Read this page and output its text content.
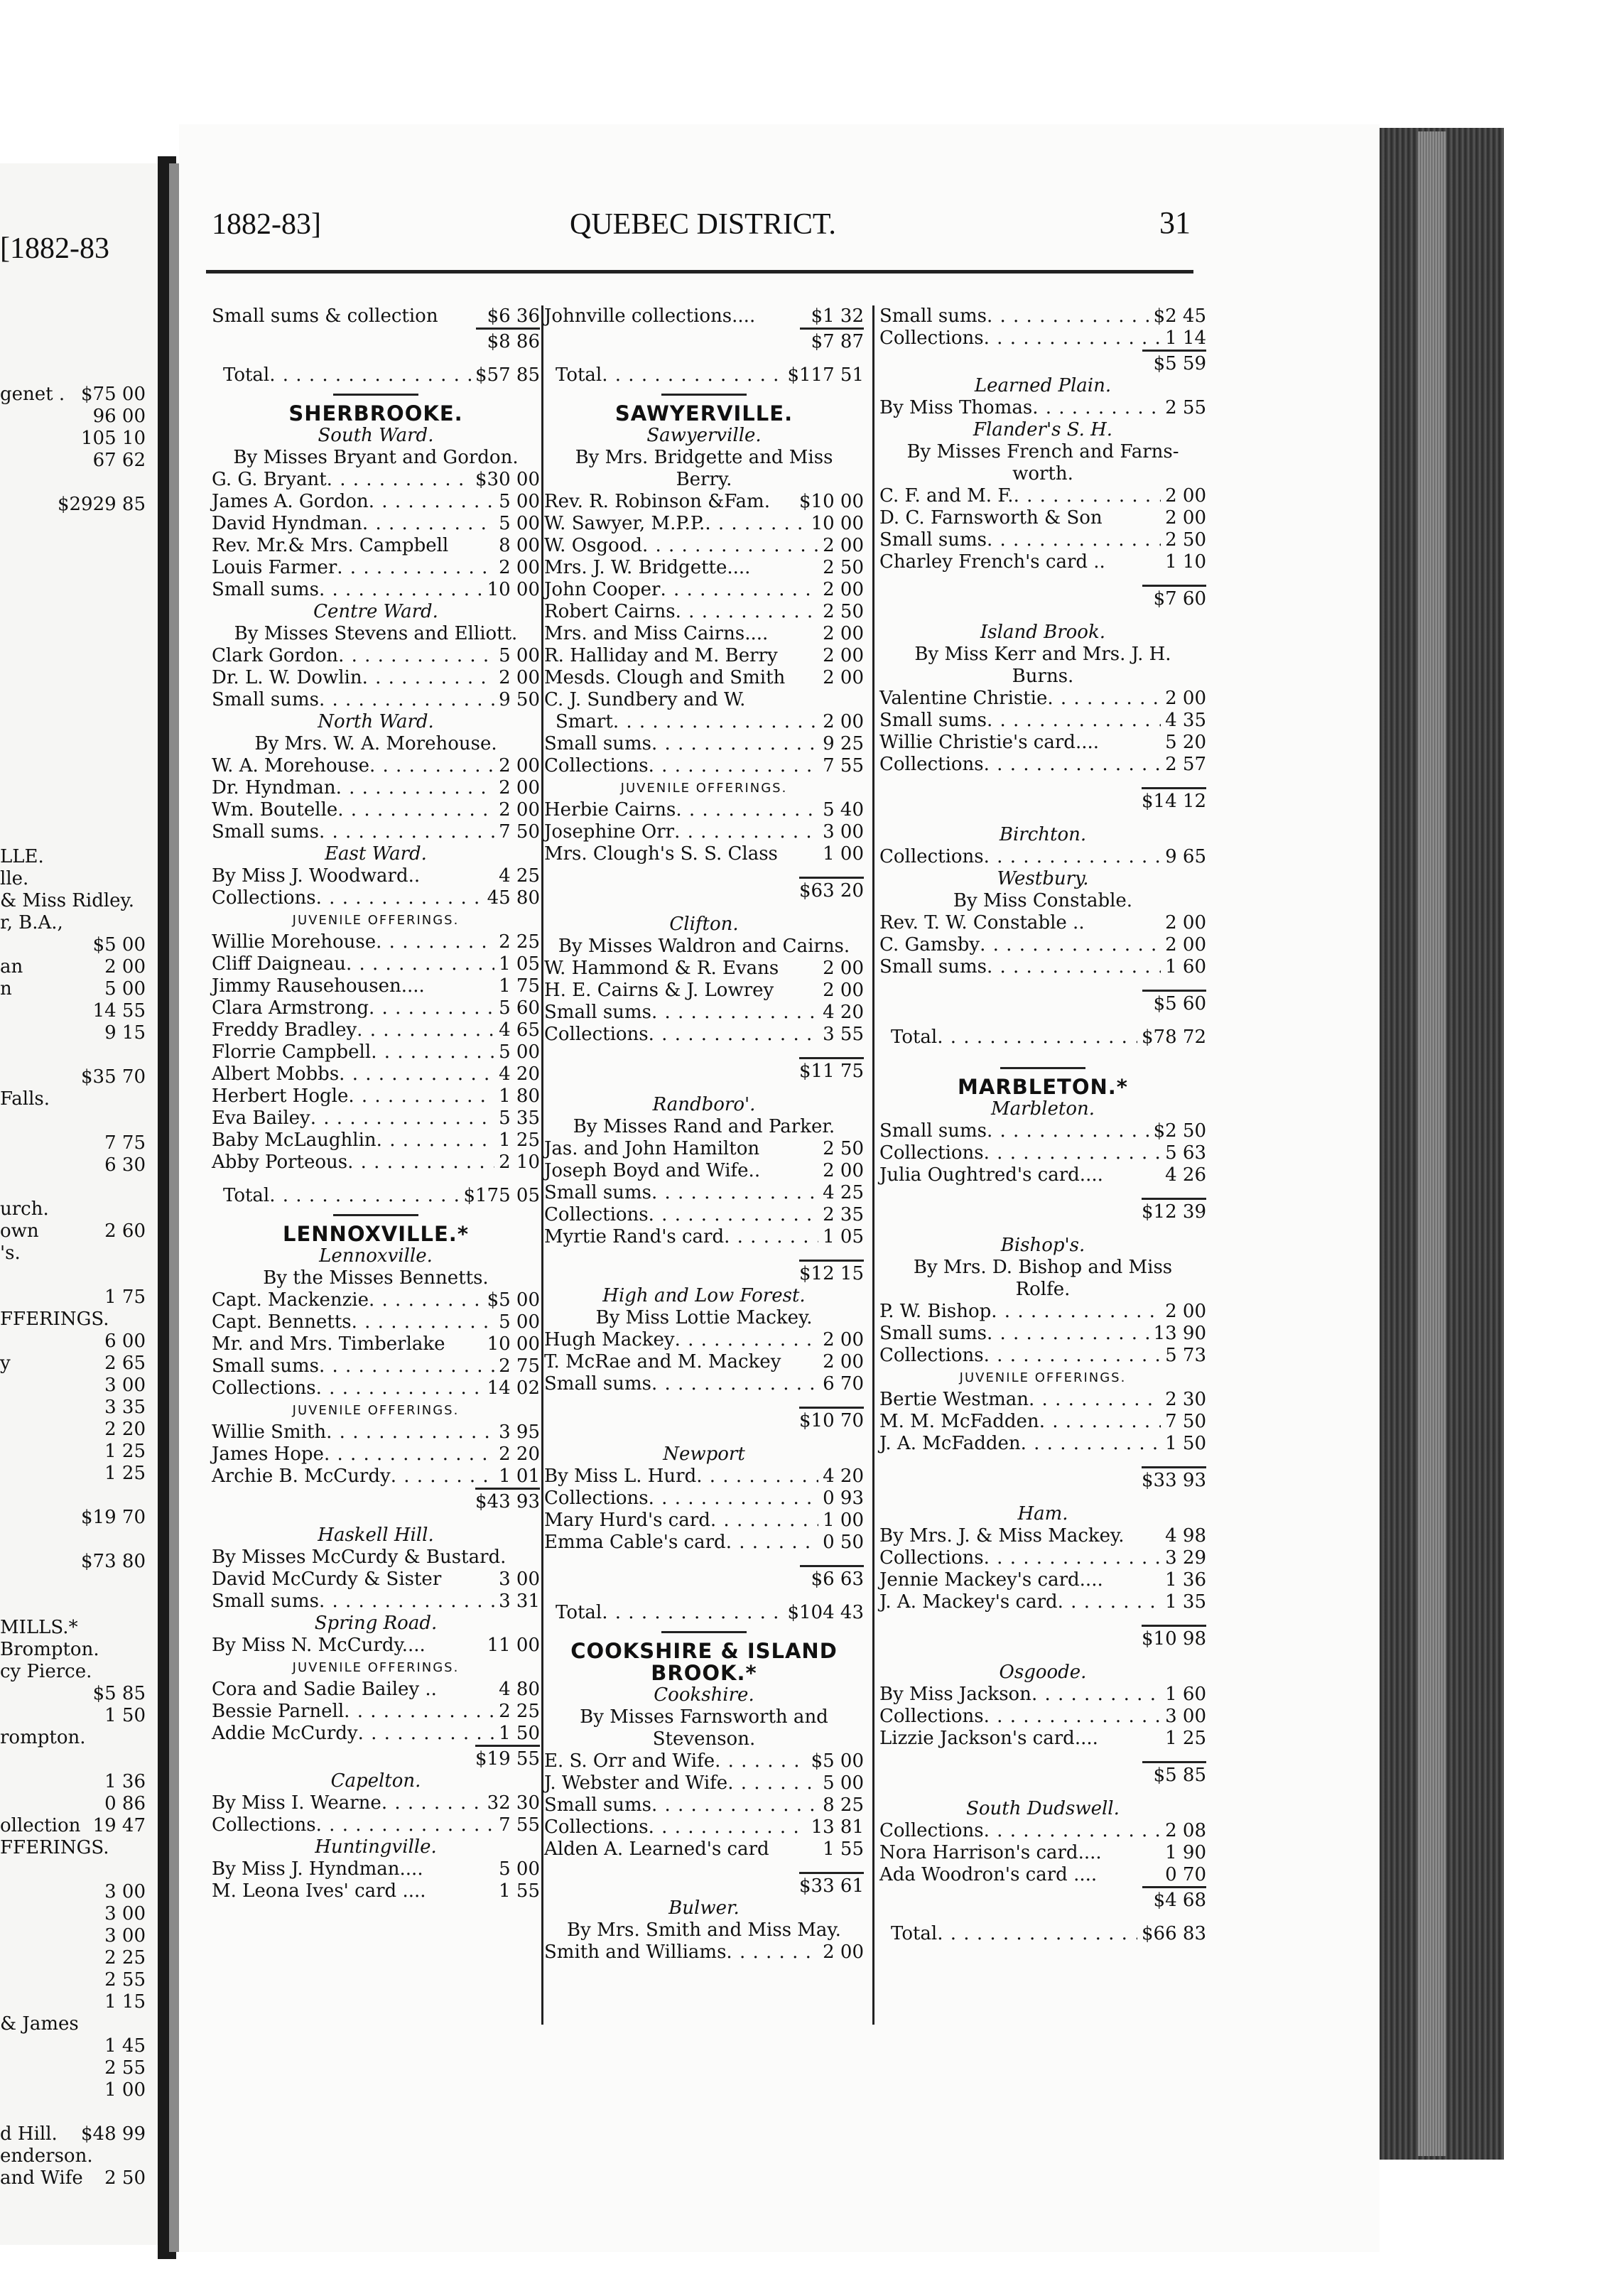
[1882-83
genet . $75 00
96 00
105 10
67 62
$2929 85
LLE.
lle.
& Miss Ridley.
r, B.A.,
$5 00
an	2 00
n	5 00
14 55
9 15
$35 70
Falls.
7 75
6 30
urch.
own	2 60
's.
1 75
FFERINGS.
6 00
y	2 65
3 00
3 35
2 20
1 25
1 25
$19 70
$73 80
MILLS.*
Brompton.
cy Pierce.
$5 85
1 50
rompton.
1 36
0 86
ollection 19 47
FFERINGS.
3 00
3 00
3 00
2 25
2 55
1 15
& James
1 45
2 55
1 00
d Hill. $48 99
enderson.
and Wife 2 50
1882-83]	QUEBEC DISTRICT.	31
Small sums & collection	$6 36
$8 86
Total . . .	$57 85
SHERBROOKE.
South Ward.
By Misses Bryant and Gordon.
G. G. Bryant . . .	$30 00
James A. Gordon . . .	5 00
David Hyndman . . .	5 00
Rev. Mr.& Mrs. Campbell	8 00
Louis Farmer . . .	2 00
Small sums . . .	10 00
Centre Ward.
By Misses Stevens and Elliott.
Clark Gordon . . .	5 00
Dr. L. W. Dowlin . . .	2 00
Small sums . . .	9 50
North Ward.
By Mrs. W. A. Morehouse.
W. A. Morehouse . . .	2 00
Dr. Hyndman . . .	2 00
Wm. Boutelle . . .	2 00
Small sums . . .	7 50
East Ward.
By Miss J. Woodward..	4 25
Collections . . .	45 80
JUVENILE OFFERINGS.
Willie Morehouse . . .	2 25
Cliff Daigneau . . .	1 05
Jimmy Rausehousen....	1 75
Clara Armstrong . . .	5 60
Freddy Bradley . . .	4 65
Florrie Campbell . . .	5 00
Albert Mobbs . . .	4 20
Herbert Hogle . . .	1 80
Eva Bailey . . .	5 35
Baby McLaughlin . . .	1 25
Abby Porteous . . .	2 10
Total . . .	$175 05
LENNOXVILLE.*
Lennoxville.
By the Misses Bennetts.
Capt. Mackenzie . . .	$5 00
Capt. Bennetts . . .	5 00
Mr. and Mrs. Timberlake 10 00
Small sums . . .	2 75
Collections . . .	14 02
JUVENILE OFFERINGS.
Willie Smith . . .	3 95
James Hope . . .	2 20
Archie B. McCurdy . . .	1 01
$43 93
Haskell Hill.
By Misses McCurdy & Bustard.
David McCurdy & Sister	3 00
Small sums . . .	3 31
Spring Road.
By Miss N. McCurdy....	11 00
JUVENILE OFFERINGS.
Cora and Sadie Bailey ..	4 80
Bessie Parnell . . .	2 25
Addie McCurdy . . .	1 50
$19 55
Capelton.
By Miss I. Wearne . . .	32 30
Collections . . .	7 55
Huntingville.
By Miss J. Hyndman....	5 00
M. Leona Ives' card ....	1 55
Johnville collections....	$1 32
$7 87
Total . . .	$117 51
SAWYERVILLE.
Sawyerville.
By Mrs. Bridgette and Miss
Berry.
Rev. R. Robinson &Fam. $10 00
W. Sawyer, M.P.P. . . .	10 00
W. Osgood . . .	2 00
Mrs. J. W. Bridgette....	2 50
John Cooper . . .	2 00
Robert Cairns . . .	2 50
Mrs. and Miss Cairns....	2 00
R. Halliday and M. Berry 2 00
Mesds. Clough and Smith 2 00
C. J. Sundbery and W.
Smart . . .	2 00
Small sums . . .	9 25
Collections . . .	7 55
JUVENILE OFFERINGS.
Herbie Cairns . . .	5 40
Josephine Orr . . .	3 00
Mrs. Clough's S. S. Class 1 00
$63 20
Clifton.
By Misses Waldron and Cairns.
W. Hammond & R. Evans 2 00
H. E. Cairns & J. Lowrey	2 00
Small sums . . .	4 20
Collections . . .	3 55
$11 75
Randboro'.
By Misses Rand and Parker.
Jas. and John Hamilton	2 50
Joseph Boyd and Wife..	2 00
Small sums . . .	4 25
Collections . . .	2 35
Myrtie Rand's card . . .	1 05
$12 15
High and Low Forest.
By Miss Lottie Mackey.
Hugh Mackey . . .	2 00
T. McRae and M. Mackey 2 00
Small sums . . .	6 70
$10 70
Newport
By Miss L. Hurd . . .	4 20
Collections . . .	0 93
Mary Hurd's card . . .	1 00
Emma Cable's card . . .	0 50
$6 63
Total . . .	$104 43
COOKSHIRE & ISLAND
BROOK.*
Cookshire.
By Misses Farnsworth and
Stevenson.
E. S. Orr and Wife . . .	$5 00
J. Webster and Wife . . .	5 00
Small sums . . .	8 25
Collections . . .	13 81
Alden A. Learned's card	1 55
$33 61
Bulwer.
By Mrs. Smith and Miss May.
Smith and Williams . . .	2 00
Small sums . . .	$2 45
Collections . . .	1 14
$5 59
Learned Plain.
By Miss Thomas . . .	2 55
Flander's S. H.
By Misses French and Farns-
worth.
C. F. and M. F. . . .	2 00
D. C. Farnsworth & Son	2 00
Small sums . . .	2 50
Charley French's card ..	1 10
$7 60
Island Brook.
By Miss Kerr and Mrs. J. H.
Burns.
Valentine Christie . . .	2 00
Small sums . . .	4 35
Willie Christie's card....	5 20
Collections . . .	2 57
$14 12
Birchton.
Collections . . .	9 65
Westbury.
By Miss Constable.
Rev. T. W. Constable ..	2 00
C. Gamsby . . .	2 00
Small sums . . .	1 60
$5 60
Total . . .	$78 72
MARBLETON.*
Marbleton.
Small sums . . .	$2 50
Collections . . .	5 63
Julia Oughtred's card....	4 26
$12 39
Bishop's.
By Mrs. D. Bishop and Miss
Rolfe.
P. W. Bishop . . .	2 00
Small sums . . .	13 90
Collections . . .	5 73
JUVENILE OFFERINGS.
Bertie Westman . . .	2 30
M. M. McFadden . . .	7 50
J. A. McFadden . . .	1 50
$33 93
Ham.
By Mrs. J. & Miss Mackey. 4 98
Collections . . .	3 29
Jennie Mackey's card....	1 36
J. A. Mackey's card . . .	1 35
$10 98
Osgoode.
By Miss Jackson . . .	1 60
Collections . . .	3 00
Lizzie Jackson's card....	1 25
$5 85
South Dudswell.
Collections . . .	2 08
Nora Harrison's card....	1 90
Ada Woodron's card ....	0 70
$4 68
Total . . .	$66 83
